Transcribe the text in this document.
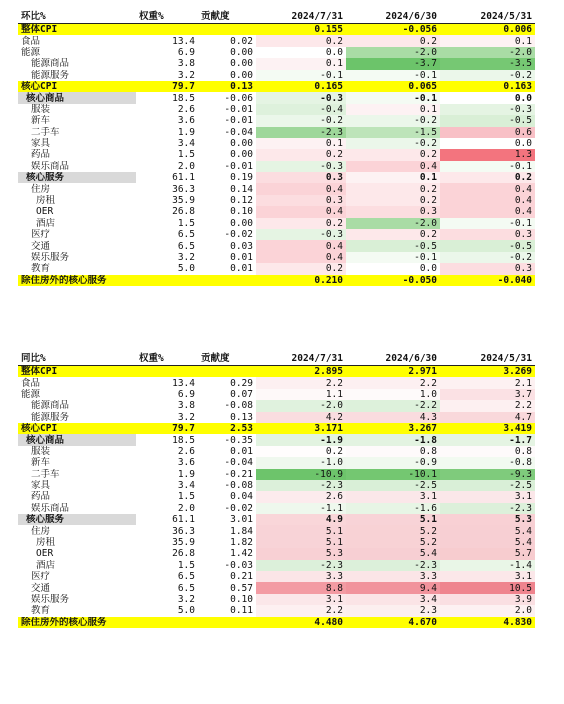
环比%	权重%	贡献度	2024/7/31	2024/6/30	2024/5/31
整体CPI			0.155	-0.056	0.006
食品	13.4	0.02	0.2	0.2	0.1
能源	6.9	0.00	0.0	-2.0	-2.0
能源商品	3.8	0.00	0.1	-3.7	-3.5
能源服务	3.2	0.00	-0.1	-0.1	-0.2
核心CPI	79.7	0.13	0.165	0.065	0.163
核心商品	18.5	-0.06	-0.3	-0.1	0.0
服装	2.6	-0.01	-0.4	0.1	-0.3
新车	3.6	-0.01	-0.2	-0.2	-0.5
二手车	1.9	-0.04	-2.3	-1.5	0.6
家具	3.4	0.00	0.1	-0.2	0.0
药品	1.5	0.00	0.2	0.2	1.3
娱乐商品	2.0	-0.01	-0.3	0.4	-0.1
核心服务	61.1	0.19	0.3	0.1	0.2
住房	36.3	0.14	0.4	0.2	0.4
房租	35.9	0.12	0.3	0.2	0.4
OER	26.8	0.10	0.4	0.3	0.4
酒店	1.5	0.00	0.2	-2.0	-0.1
医疗	6.5	-0.02	-0.3	0.2	0.3
交通	6.5	0.03	0.4	-0.5	-0.5
娱乐服务	3.2	0.01	0.4	-0.1	-0.2
教育	5.0	0.01	0.2	0.0	0.3
除住房外的核心服务			0.210	-0.050	-0.040
同比%	权重%	贡献度	2024/7/31	2024/6/30	2024/5/31
整体CPI			2.895	2.971	3.269
食品	13.4	0.29	2.2	2.2	2.1
能源	6.9	0.07	1.1	1.0	3.7
能源商品	3.8	-0.08	-2.0	-2.2	2.2
能源服务	3.2	0.13	4.2	4.3	4.7
核心CPI	79.7	2.53	3.171	3.267	3.419
核心商品	18.5	-0.35	-1.9	-1.8	-1.7
服装	2.6	0.01	0.2	0.8	0.8
新车	3.6	-0.04	-1.0	-0.9	-0.8
二手车	1.9	-0.21	-10.9	-10.1	-9.3
家具	3.4	-0.08	-2.3	-2.5	-2.5
药品	1.5	0.04	2.6	3.1	3.1
娱乐商品	2.0	-0.02	-1.1	-1.6	-2.3
核心服务	61.1	3.01	4.9	5.1	5.3
住房	36.3	1.84	5.1	5.2	5.4
房租	35.9	1.82	5.1	5.2	5.4
OER	26.8	1.42	5.3	5.4	5.7
酒店	1.5	-0.03	-2.3	-2.3	-1.4
医疗	6.5	0.21	3.3	3.3	3.1
交通	6.5	0.57	8.8	9.4	10.5
娱乐服务	3.2	0.10	3.1	3.4	3.9
教育	5.0	0.11	2.2	2.3	2.0
除住房外的核心服务			4.480	4.670	4.830
